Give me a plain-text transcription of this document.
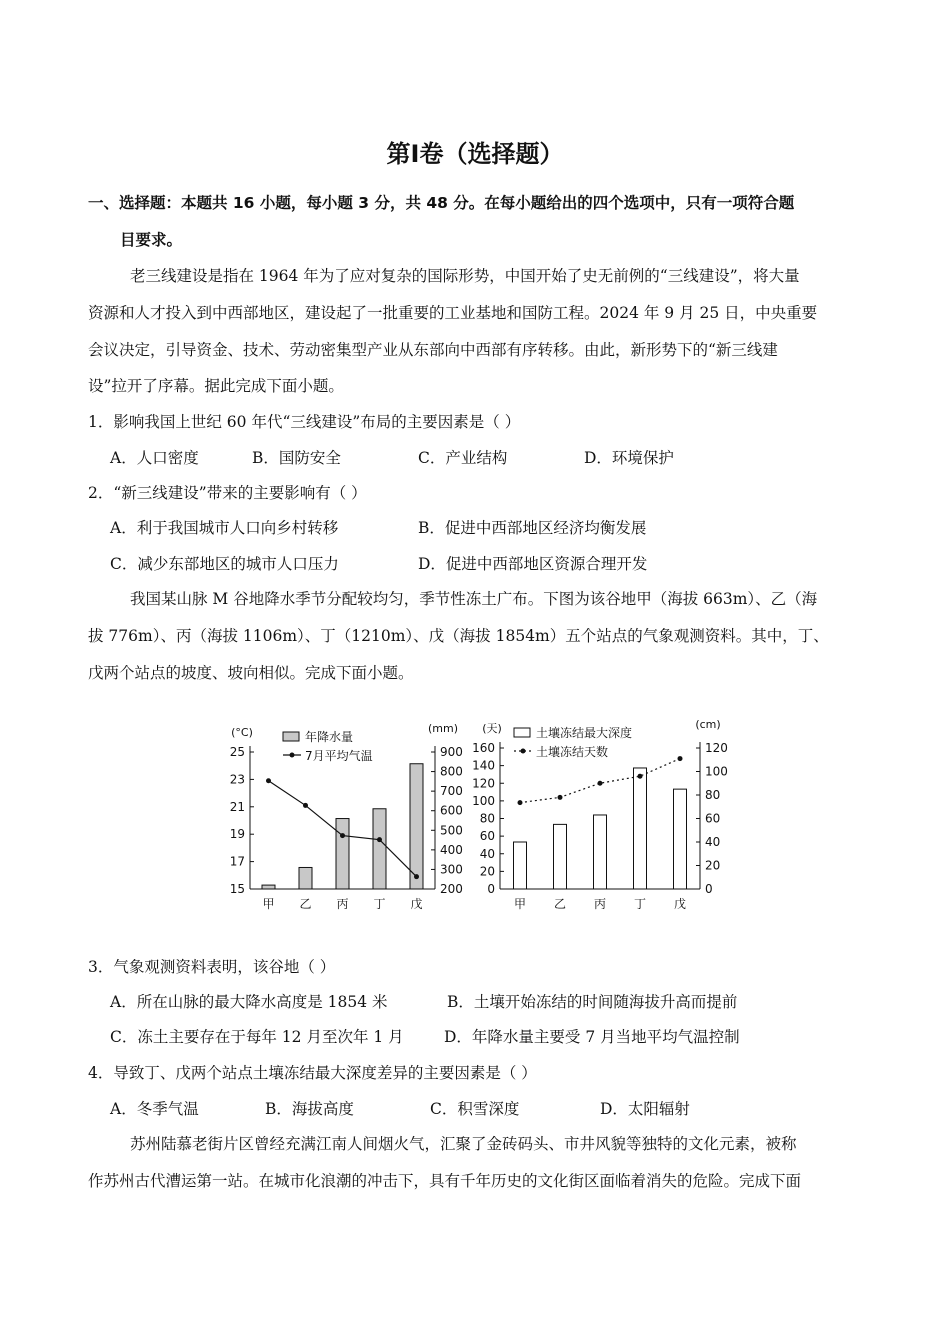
第Ⅰ卷（选择题）
一、选择题：本题共 16 小题，每小题 3 分，共 48 分。在每小题给出的四个选项中，只有一项符合题
目要求。
老三线建设是指在 1964 年为了应对复杂的国际形势，中国开始了史无前例的“三线建设”，将大量
资源和人才投入到中西部地区，建设起了一批重要的工业基地和国防工程。2024 年 9 月 25 日，中央重要
会议决定，引导资金、技术、劳动密集型产业从东部向中西部有序转移。由此，新形势下的“新三线建
设”拉开了序幕。据此完成下面小题。
1．影响我国上世纪 60 年代“三线建设”布局的主要因素是（ ）
A．人口密度	B．国防安全	C．产业结构	D．环境保护
2．“新三线建设”带来的主要影响有（ ）
A．利于我国城市人口向乡村转移	B．促进中西部地区经济均衡发展
C．减少东部地区的城市人口压力	D．促进中西部地区资源合理开发
我国某山脉 M 谷地降水季节分配较均匀，季节性冻土广布。下图为该谷地甲（海拔 663m）、乙（海
拔 776m）、丙（海拔 1106m）、丁（1210m）、戊（海拔 1854m）五个站点的气象观测资料。其中，丁、
戊两个站点的坡度、坡向相似。完成下面小题。
15
17
19
21
23
25
200
300
400
500
600
700
800
900
(°C)	(mm)
甲 乙 丙 丁 戊
年降水量
7月平均气温
0
20
40
60
80
100
120
140
160
0
20
40
60
80
100
120
(天)	(cm)
甲 乙 丙 丁 戊
土壤冻结最大深度
土壤冻结天数
3．气象观测资料表明，该谷地（ ）
A．所在山脉的最大降水高度是 1854 米	B．土壤开始冻结的时间随海拔升高而提前
C．冻土主要存在于每年 12 月至次年 1 月	D．年降水量主要受 7 月当地平均气温控制
4．导致丁、戊两个站点土壤冻结最大深度差异的主要因素是（ ）
A．冬季气温	B．海拔高度	C．积雪深度	D．太阳辐射
苏州陆慕老街片区曾经充满江南人间烟火气，汇聚了金砖码头、市井风貌等独特的文化元素，被称
作苏州古代漕运第一站。在城市化浪潮的冲击下，具有千年历史的文化街区面临着消失的危险。完成下面
